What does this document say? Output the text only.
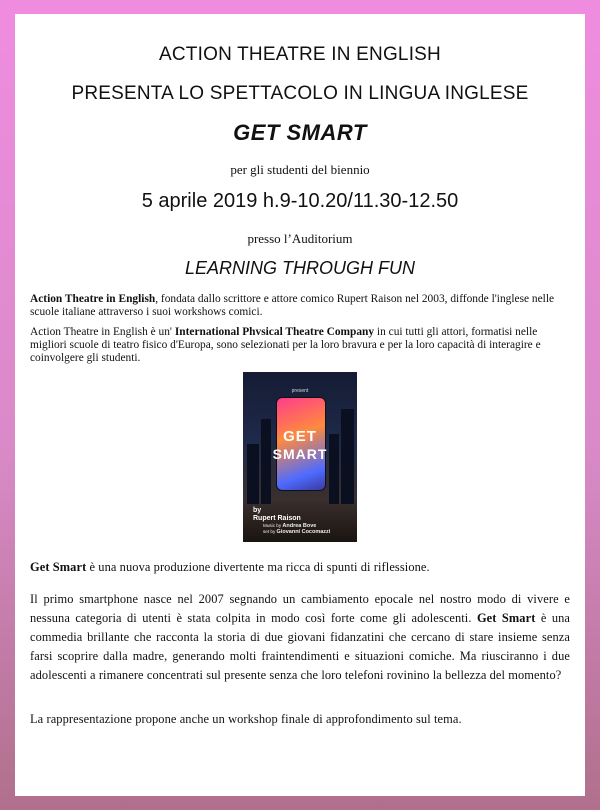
ACTION THEATRE IN ENGLISH
PRESENTA LO SPETTACOLO IN LINGUA INGLESE
GET SMART
per gli studenti del biennio
5 aprile 2019 h.9-10.20/11.30-12.50
presso l’Auditorium
LEARNING THROUGH FUN
Action Theatre in English, fondata dallo scrittore e attore comico Rupert Raison nel 2003, diffonde l'inglese nelle scuole italiane attraverso i suoi workshows comici.
Action Theatre in English è un' International Phvsical Theatre Company in cui tutti gli attori, formatisi nelle migliori scuole di teatro fisico d'Europa, sono selezionati per la loro bravura e per la loro capacità di interagire e coinvolgere gli studenti.
present
GET
SMART
by
Rupert Raison
Music by Andrea Bove
set by Giovanni Cocomazzi
Get Smart è una nuova produzione divertente ma ricca di spunti di riflessione.
Il primo smartphone nasce nel 2007 segnando un cambiamento epocale nel nostro modo di vivere e nessuna categoria di utenti è stata colpita in modo così forte come gli adolescenti. Get Smart è una commedia brillante che racconta la storia di due giovani fidanzatini che cercano di stare insieme senza farsi scoprire dalla madre, generando molti fraintendimenti e situazioni comiche. Ma riusciranno i due adolescenti a rimanere concentrati sul presente senza che loro telefoni rovinino la bellezza del momento?
La rappresentazione propone anche un workshop finale di approfondimento sul tema.
